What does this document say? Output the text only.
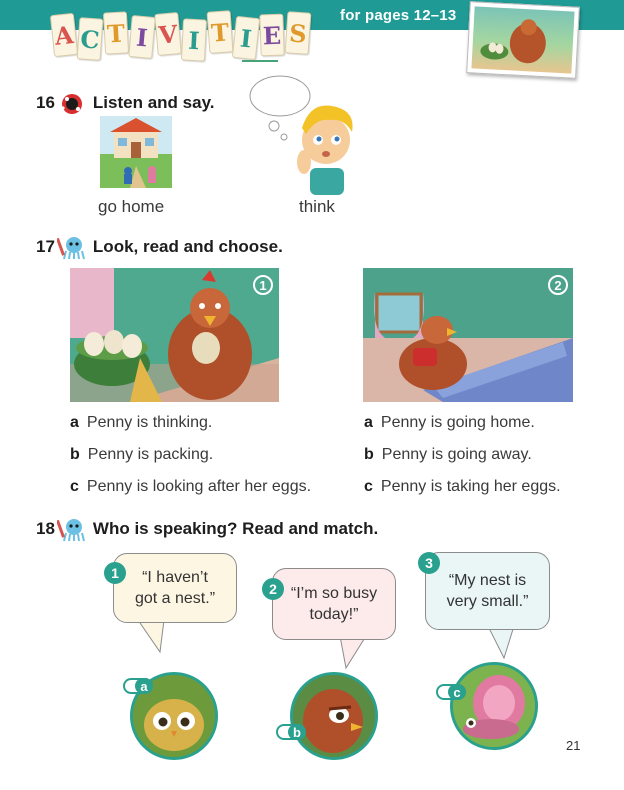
A C T I V I T I E S
for pages 12–13
16 Listen and say.
go home	think
17 Look, read and choose.
1	2
a Penny is thinking.
b Penny is packing.
c Penny is looking after her eggs.
a Penny is going home.
b Penny is going away.
c Penny is taking her eggs.
18 Who is speaking? Read and match.
“I haven’t
got a nest.”
1
“I’m so busy
today!”
2	“My nest is
very small.”
3
a
b
c
21
